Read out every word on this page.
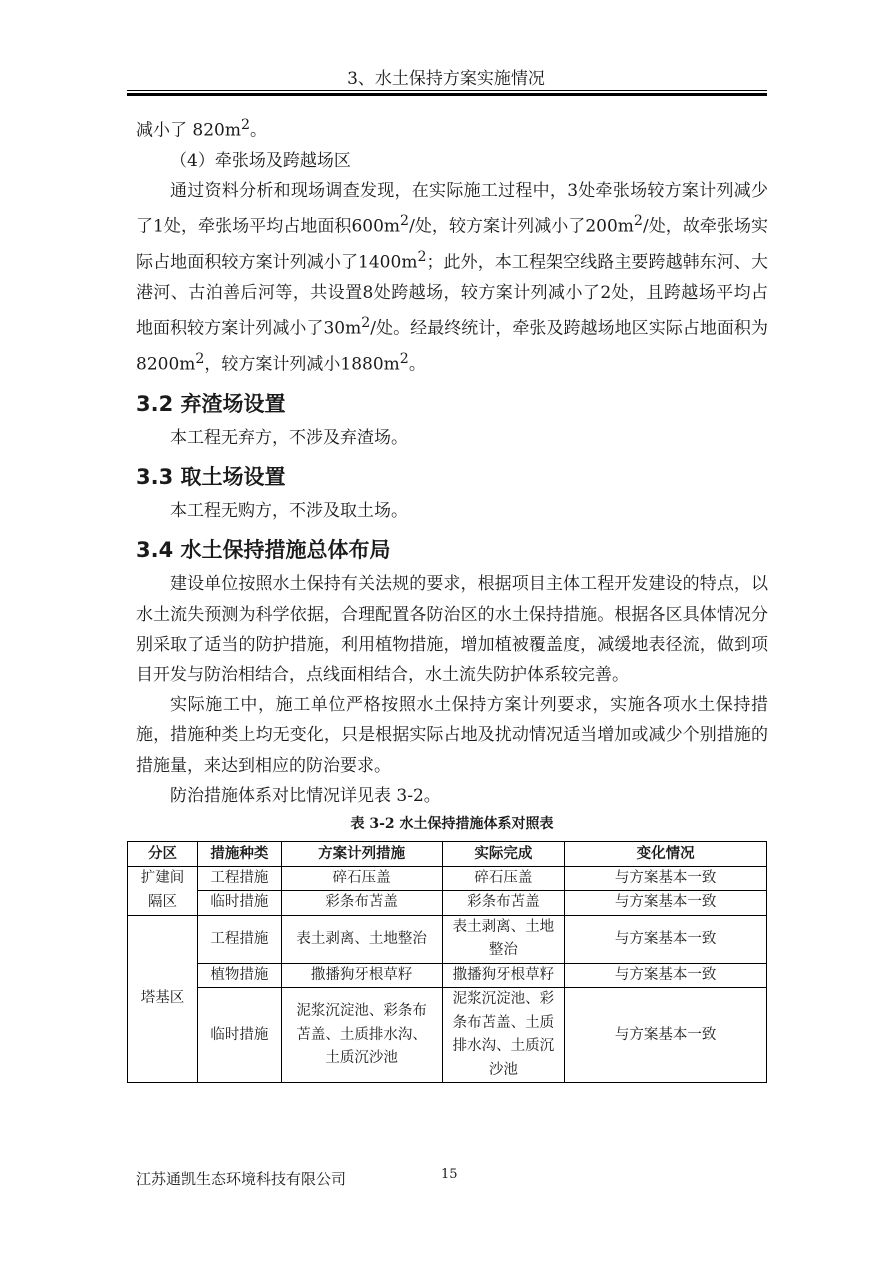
3、水土保持方案实施情况

减小了 $820m^2$。

（4）牵张场及跨越场区

通过资料分析和现场调查发现，在实际施工过程中，3处牵张场较方案计列减少了1处，牵张场平均占地面积$600m^2/$处，较方案计列减小了$200m^2/$处，故牵张场实际占地面积较方案计列减小了$1400m^2$；此外，本工程架空线路主要跨越韩东河、大港河、古泊善后河等，共设置8处跨越场，较方案计列减小了2处，且跨越场平均占地面积较方案计列减小了$30m^2/$处。经最终统计，牵张及跨越场地区实际占地面积为$8200m^2$，较方案计列减小$1880m^2$。

3.2 弃渣场设置

本工程无弃方，不涉及弃渣场。

3.3 取土场设置

本工程无购方，不涉及取土场。

3.4 水土保持措施总体布局

建设单位按照水土保持有关法规的要求，根据项目主体工程开发建设的特点，以水土流失预测为科学依据，合理配置各防治区的水土保持措施。根据各区具体情况分别采取了适当的防护措施，利用植物措施，增加植被覆盖度，减缓地表径流，做到项目开发与防治相结合，点线面相结合，水土流失防护体系较完善。

实际施工中，施工单位严格按照水土保持方案计列要求，实施各项水土保持措施，措施种类上均无变化，只是根据实际占地及扰动情况适当增加或减少个别措施的措施量，来达到相应的防治要求。

防治措施体系对比情况详见表 3-2。

表 3-2 水土保持措施体系对照表
分区	措施种类	方案计列措施	实际完成	变化情况
扩建间隔区	工程措施	碎石压盖	碎石压盖	与方案基本一致
	临时措施	彩条布苫盖	彩条布苫盖	与方案基本一致
塔基区	工程措施	表土剥离、土地整治	表土剥离、土地整治	与方案基本一致
	植物措施	撒播狗牙根草籽	撒播狗牙根草籽	与方案基本一致
	临时措施	泥浆沉淀池、彩条布苫盖、土质排水沟、土质沉沙池	泥浆沉淀池、彩条布苫盖、土质排水沟、土质沉沙池	与方案基本一致
江苏通凯生态环境科技有限公司	15
